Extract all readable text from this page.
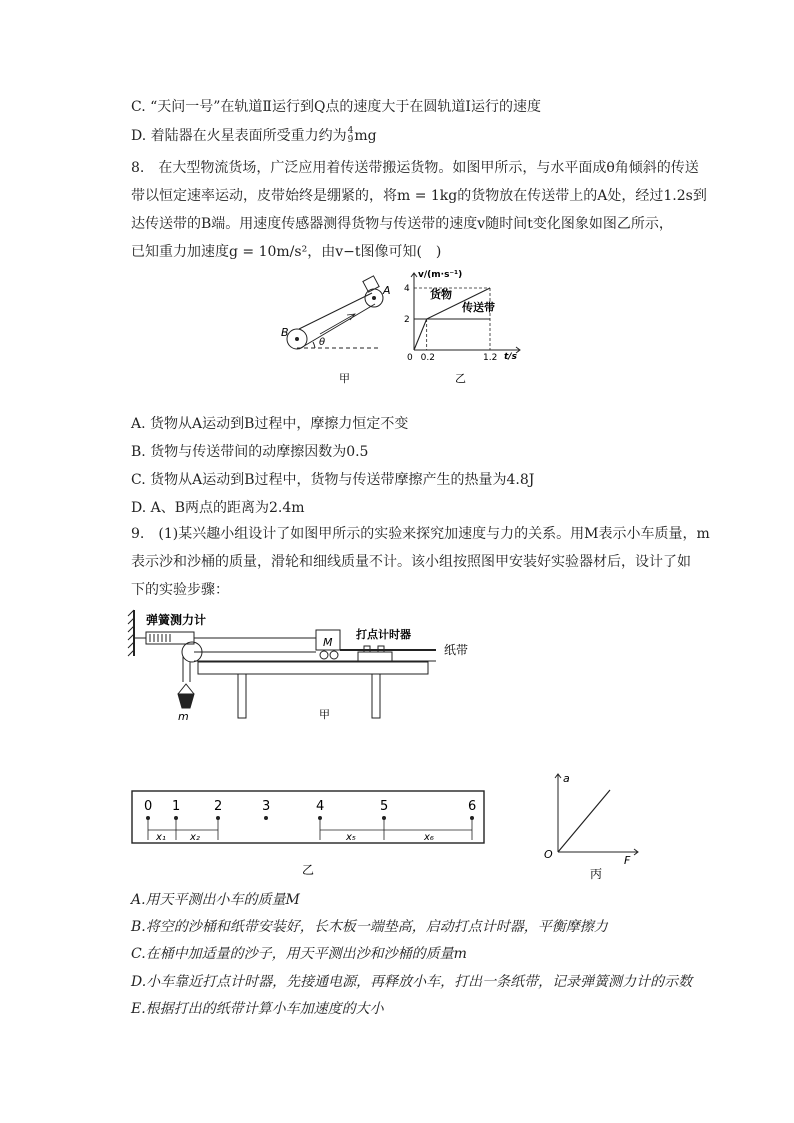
C. “天问一号”在轨道Ⅱ运行到Q点的速度大于在圆轨道Ⅰ运行的速度
D. 着陆器在火星表面所受重力约为 4
9 mg
8.　在大型物流货场，广泛应用着传送带搬运货物。如图甲所示，与水平面成θ角倾斜的传送
带以恒定速率运动，皮带始终是绷紧的，将m = 1kg的货物放在传送带上的A处，经过1.2s到
达传送带的B端。用速度传感器测得货物与传送带的速度v随时间t变化图象如图乙所示，
已知重力加速度g = 10m/s²，由v−t图像可知(　)
A
B
θ
甲
4
2
0.2	1.2
v/(m·s⁻¹)
t/s
0
货物
传送带
乙
A. 货物从A运动到B过程中，摩擦力恒定不变
B. 货物与传送带间的动摩擦因数为0.5
C. 货物从A运动到B过程中，货物与传送带摩擦产生的热量为4.8J
D. A、B两点的距离为2.4m
9.　(1)某兴趣小组设计了如图甲所示的实验来探究加速度与力的关系。用M表示小车质量，m
表示沙和沙桶的质量，滑轮和细线质量不计。该小组按照图甲安装好实验器材后，设计了如
下的实验步骤：
弹簧测力计
M
打点计时器
纸带
m	甲
0 1	2	3	4	5	6
x₁ x₂	x₅	x₆
乙
a
F
O
丙
A.用天平测出小车的质量M
B.将空的沙桶和纸带安装好，长木板一端垫高，启动打点计时器，平衡摩擦力
C.在桶中加适量的沙子，用天平测出沙和沙桶的质量m
D.小车靠近打点计时器，先接通电源，再释放小车，打出一条纸带，记录弹簧测力计的示数
E.根据打出的纸带计算小车加速度的大小
